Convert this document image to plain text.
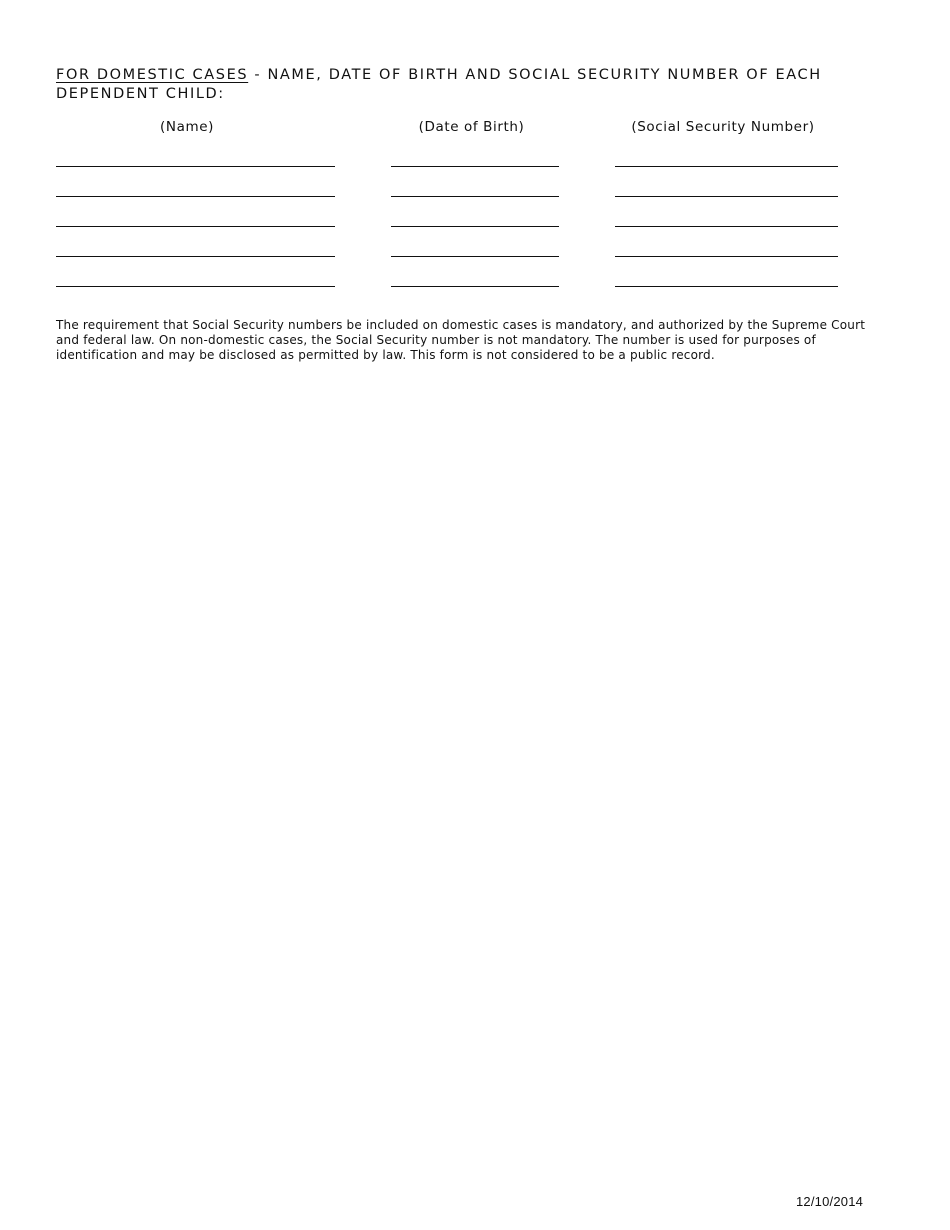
FOR DOMESTIC CASES - NAME, DATE OF BIRTH AND SOCIAL SECURITY NUMBER OF EACH DEPENDENT CHILD:
(Name)	(Date of Birth)	(Social Security Number)

The requirement that Social Security numbers be included on domestic cases is mandatory, and authorized by the Supreme Court and federal law. On non-domestic cases, the Social Security number is not mandatory. The number is used for purposes of identification and may be disclosed as permitted by law. This form is not considered to be a public record.

12/10/2014
